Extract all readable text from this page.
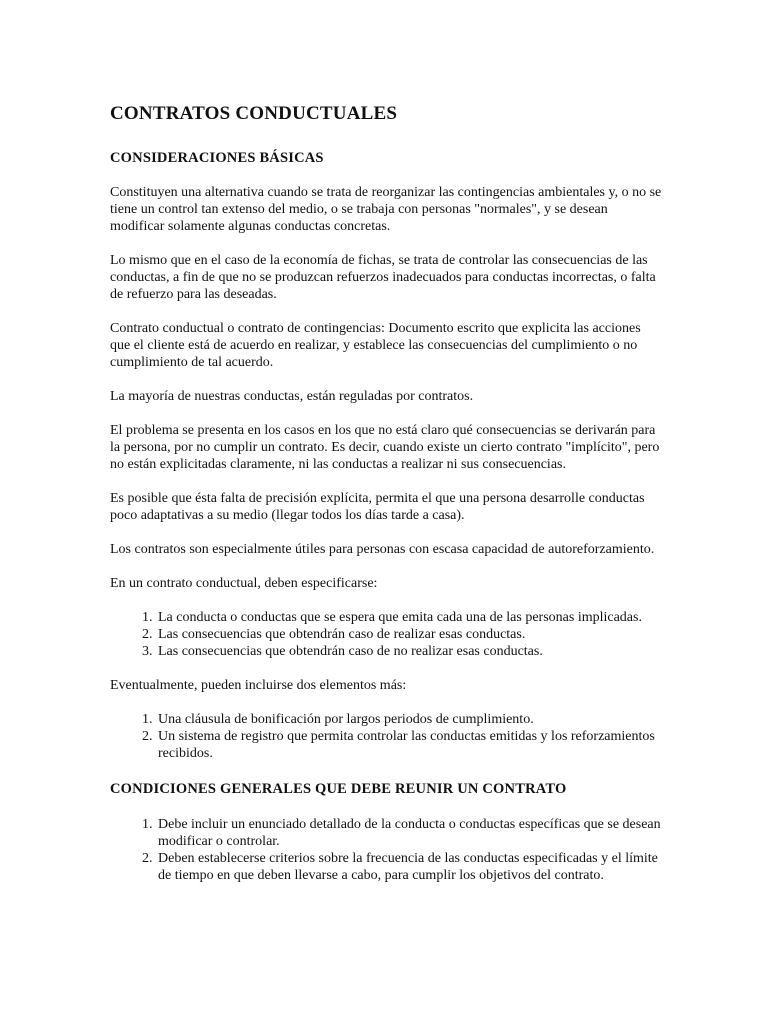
CONTRATOS CONDUCTUALES
CONSIDERACIONES BÁSICAS

Constituyen una alternativa cuando se trata de reorganizar las contingencias ambientales y, o no se tiene un control tan extenso del medio, o se trabaja con personas "normales", y se desean modificar solamente algunas conductas concretas.

Lo mismo que en el caso de la economía de fichas, se trata de controlar las consecuencias de las conductas, a fin de que no se produzcan refuerzos inadecuados para conductas incorrectas, o falta de refuerzo para las deseadas.

Contrato conductual o contrato de contingencias: Documento escrito que explicita las acciones que el cliente está de acuerdo en realizar, y establece las consecuencias del cumplimiento o no cumplimiento de tal acuerdo.

La mayoría de nuestras conductas, están reguladas por contratos.

El problema se presenta en los casos en los que no está claro qué consecuencias se derivarán para la persona, por no cumplir un contrato. Es decir, cuando existe un cierto contrato "implícito", pero no están explicitadas claramente, ni las conductas a realizar ni sus consecuencias.

Es posible que ésta falta de precisión explícita, permita el que una persona desarrolle conductas poco adaptativas a su medio (llegar todos los días tarde a casa).

Los contratos son especialmente útiles para personas con escasa capacidad de autoreforzamiento.

En un contrato conductual, deben especificarse:

1. La conducta o conductas que se espera que emita cada una de las personas implicadas.
2. Las consecuencias que obtendrán caso de realizar esas conductas.
3. Las consecuencias que obtendrán caso de no realizar esas conductas.

Eventualmente, pueden incluirse dos elementos más:

1. Una cláusula de bonificación por largos periodos de cumplimiento.
2. Un sistema de registro que permita controlar las conductas emitidas y los reforzamientos recibidos.
CONDICIONES GENERALES QUE DEBE REUNIR UN CONTRATO
1. Debe incluir un enunciado detallado de la conducta o conductas específicas que se desean modificar o controlar.
2. Deben establecerse criterios sobre la frecuencia de las conductas especificadas y el límite de tiempo en que deben llevarse a cabo, para cumplir los objetivos del contrato.
